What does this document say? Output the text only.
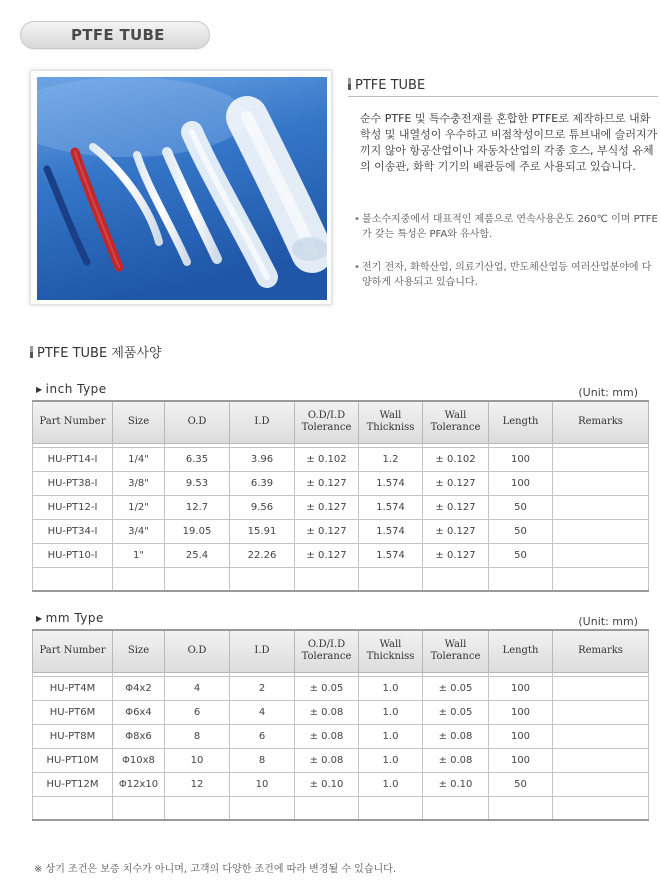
PTFE TUBE
PTFE TUBE
순수 PTFE 및 특수충전재를 혼합한 PTFE로 제작하므로 내화학성 및 내열성이 우수하고 비점착성이므로 튜브내에 슬러지가 끼지 않아 항공산업이나 자동차산업의 각종 호스, 부식성 유체의 이송관, 화학 기기의 배관등에 주로 사용되고 있습니다.
• 불소수지중에서 대표적인 제품으로 연속사용온도 260℃ 이며 PTFE가 갖는 특성은 PFA와 유사함.
• 전기 전자, 화학산업, 의료기산업, 반도체산업등 여러산업분야에 다양하게 사용되고 있습니다.
PTFE TUBE 제품사양
▶ inch Type	(Unit: mm)
Part Number	Size	O.D	I.D	O.D/I.D Tolerance	Wall Thickniss	Wall Tolerance	Length	Remarks

HU-PT14-I	1/4"	6.35	3.96	± 0.102	1.2	± 0.102	100	
HU-PT38-I	3/8"	9.53	6.39	± 0.127	1.574	± 0.127	100	
HU-PT12-I	1/2"	12.7	9.56	± 0.127	1.574	± 0.127	50	
HU-PT34-I	3/4"	19.05	15.91	± 0.127	1.574	± 0.127	50	
HU-PT10-I	1"	25.4	22.26	± 0.127	1.574	± 0.127	50	

▶ mm Type	(Unit: mm)
Part Number	Size	O.D	I.D	O.D/I.D Tolerance	Wall Thickniss	Wall Tolerance	Length	Remarks

HU-PT4M	Φ4x2	4	2	± 0.05	1.0	± 0.05	100	
HU-PT6M	Φ6x4	6	4	± 0.08	1.0	± 0.05	100	
HU-PT8M	Φ8x6	8	6	± 0.08	1.0	± 0.08	100	
HU-PT10M	Φ10x8	10	8	± 0.08	1.0	± 0.08	100	
HU-PT12M	Φ12x10	12	10	± 0.10	1.0	± 0.10	50	

※ 상기 조건은 보증 치수가 아니며, 고객의 다양한 조건에 따라 변경될 수 있습니다.
